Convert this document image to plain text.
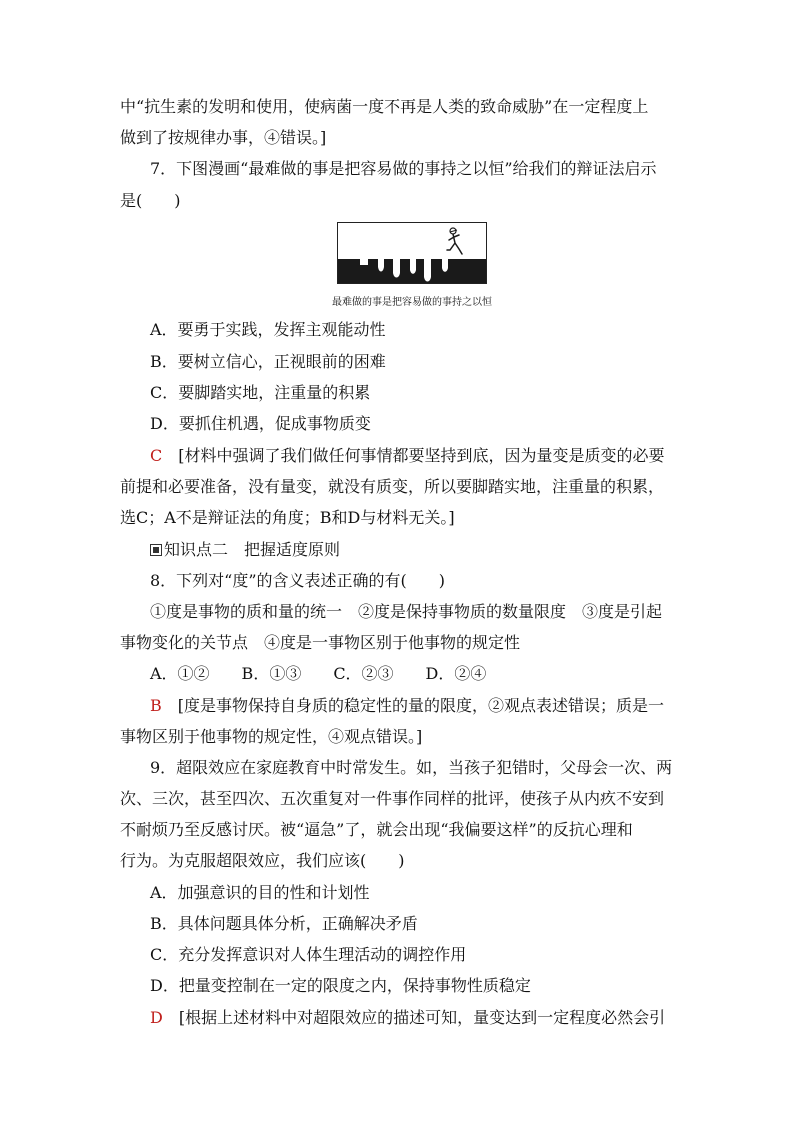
中“抗生素的发明和使用，使病菌一度不再是人类的致命威胁”在一定程度上
做到了按规律办事，④错误。]
7．下图漫画“最难做的事是把容易做的事持之以恒”给我们的辩证法启示
是(　　)
最难做的事是把容易做的事持之以恒
A．要勇于实践，发挥主观能动性
B．要树立信心，正视眼前的困难
C．要脚踏实地，注重量的积累
D．要抓住机遇，促成事物质变
C　[材料中强调了我们做任何事情都要坚持到底，因为量变是质变的必要
前提和必要准备，没有量变，就没有质变，所以要脚踏实地，注重量的积累，
选C；A不是辩证法的角度；B和D与材料无关。]
知识点二　把握适度原则
8．下列对“度”的含义表述正确的有(　　)
①度是事物的质和量的统一　②度是保持事物质的数量限度　③度是引起
事物变化的关节点　④度是一事物区别于他事物的规定性
A．①②　　B．①③　　C．②③　　D．②④
B　[度是事物保持自身质的稳定性的量的限度，②观点表述错误；质是一
事物区别于他事物的规定性，④观点错误。]
9．超限效应在家庭教育中时常发生。如，当孩子犯错时，父母会一次、两
次、三次，甚至四次、五次重复对一件事作同样的批评，使孩子从内疚不安到
不耐烦乃至反感讨厌。被“逼急”了，就会出现“我偏要这样”的反抗心理和
行为。为克服超限效应，我们应该(　　)
A．加强意识的目的性和计划性
B．具体问题具体分析，正确解决矛盾
C．充分发挥意识对人体生理活动的调控作用
D．把量变控制在一定的限度之内，保持事物性质稳定
D　[根据上述材料中对超限效应的描述可知，量变达到一定程度必然会引
